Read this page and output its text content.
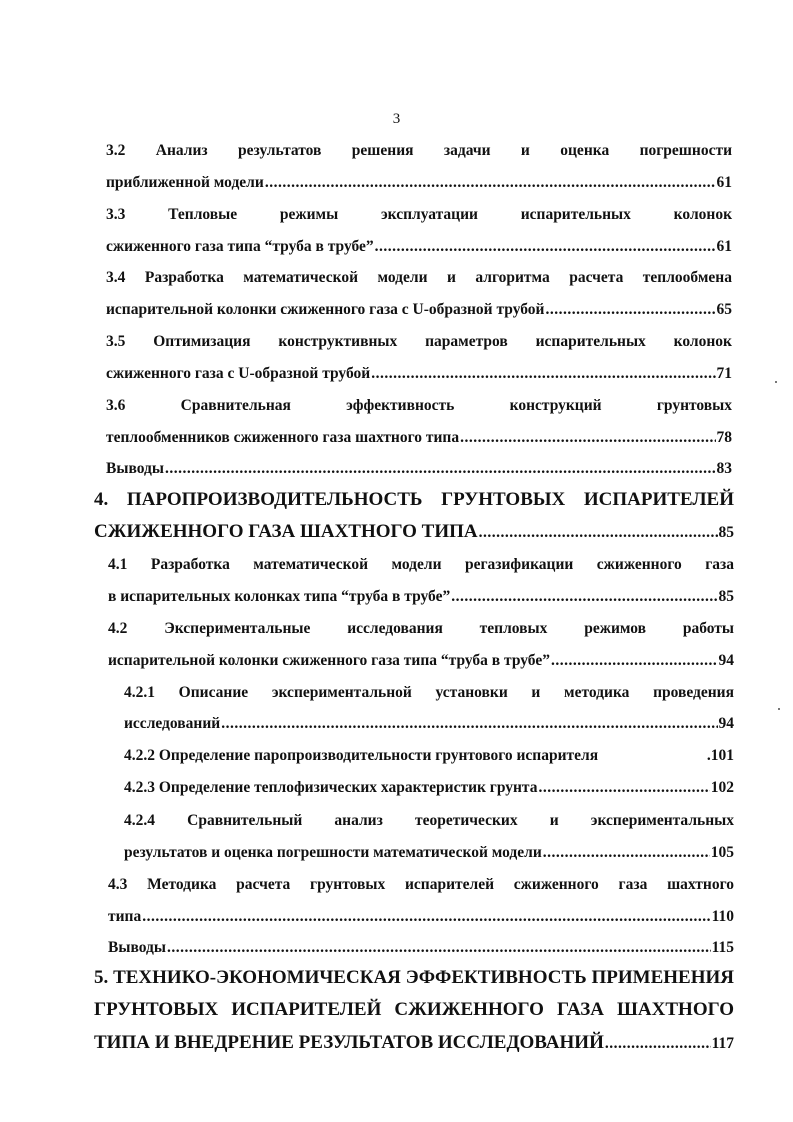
3
3.2 Анализ результатов решения задачи и оценка погрешности
приближенной модели .....	61
3.3 Тепловые режимы эксплуатации испарительных колонок
сжиженного газа типа “труба в трубе” .....	61
3.4 Разработка математической модели и алгоритма расчета теплообмена
испарительной колонки сжиженного газа с U-образной трубой .....	65
3.5 Оптимизация конструктивных параметров испарительных колонок
сжиженного газа с U-образной трубой .....	71
3.6 Сравнительная эффективность конструкций грунтовых
теплообменников сжиженного газа шахтного типа .....	78
Выводы .....	83
4. ПАРОПРОИЗВОДИТЕЛЬНОСТЬ ГРУНТОВЫХ ИСПАРИТЕЛЕЙ
СЖИЖЕННОГО ГАЗА ШАХТНОГО ТИПА .....	85
4.1 Разработка математической модели регазификации сжиженного газа
в испарительных колонках типа “труба в трубе” .....	85
4.2 Экспериментальные исследования тепловых режимов работы
испарительной колонки сжиженного газа типа “труба в трубе” .....	94
4.2.1 Описание экспериментальной установки и методика проведения
исследований .....	94
4.2.2 Определение паропроизводительности грунтового испарителя	.101
4.2.3 Определение теплофизических характеристик грунта .....	102
4.2.4 Сравнительный анализ теоретических и экспериментальных
результатов и оценка погрешности математической модели .....	105
4.3 Методика расчета грунтовых испарителей сжиженного газа шахтного
типа .....	110
Выводы .....	115
5. ТЕХНИКО-ЭКОНОМИЧЕСКАЯ ЭФФЕКТИВНОСТЬ ПРИМЕНЕНИЯ
ГРУНТОВЫХ ИСПАРИТЕЛЕЙ СЖИЖЕННОГО ГАЗА ШАХТНОГО
ТИПА И ВНЕДРЕНИЕ РЕЗУЛЬТАТОВ ИССЛЕДОВАНИЙ .....	117
